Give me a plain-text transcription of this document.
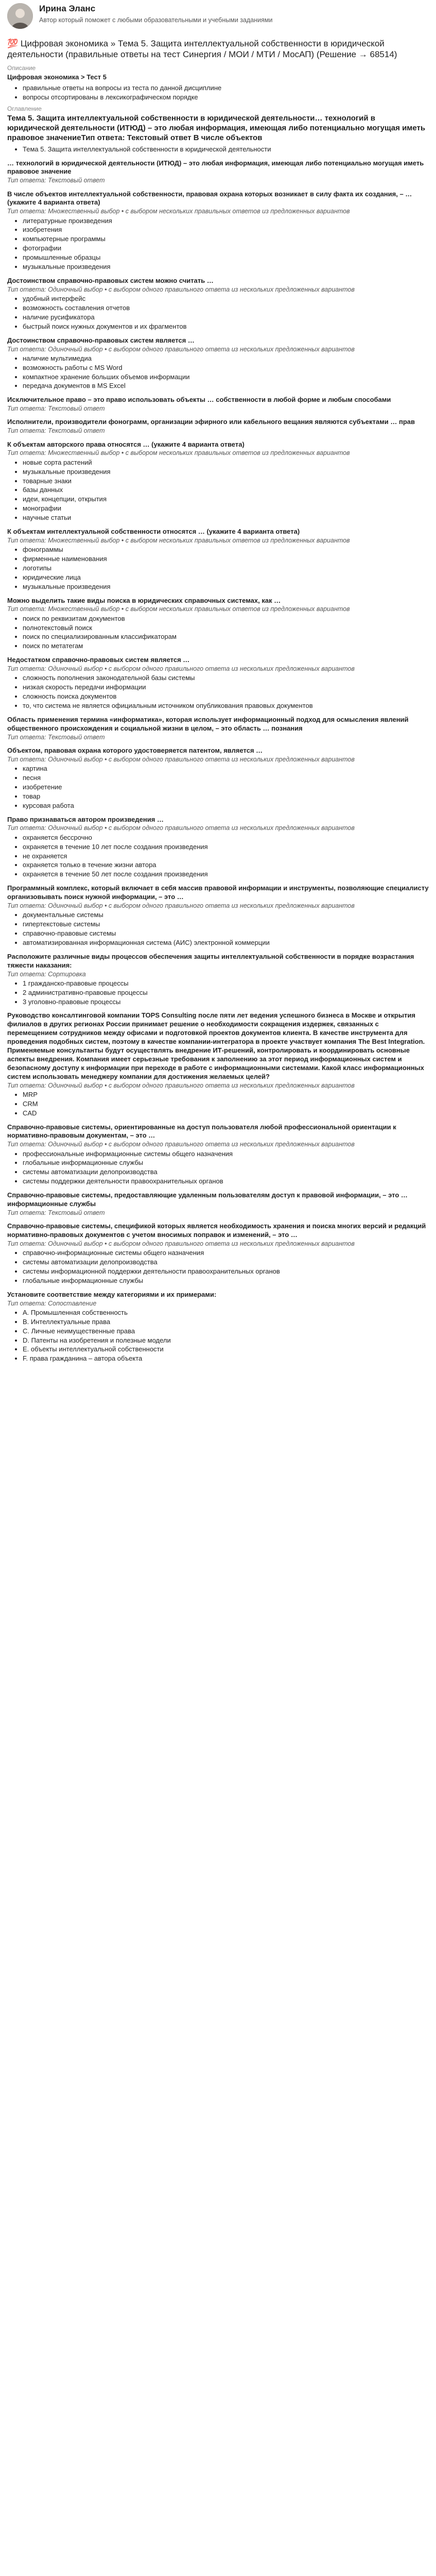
Ирина Эланс
Автор который поможет с любыми образовательными и учебными заданиями
💯 Цифровая экономика » Тема 5. Защита интеллектуальной собственности в юридической деятельности (правильные ответы на тест Синергия / МОИ / МТИ / МосАП) (Решение → 68514)
Описание
Цифровая экономика > Тест 5
• правильные ответы на вопросы из теста по данной дисциплине
• вопросы отсортированы в лексикографическом порядке
Оглавление
Тема 5. Защита интеллектуальной собственности в юридической деятельности… технологий в юридической деятельности (ИТЮД) – это любая информация, имеющая либо потенциально могущая иметь правовое значениеТип ответа: Текстовый ответ В числе объектов
• Тема 5. Защита интеллектуальной собственности в юридической деятельности
… технологий в юридической деятельности (ИТЮД) – это любая информация, имеющая либо потенциально могущая иметь правовое значение
Тип ответа: Текстовый ответ
В числе объектов интеллектуальной собственности, правовая охрана которых возникает в силу факта их создания, – … (укажите 4 варианта ответа)
Тип ответа: Множественный выбор • с выбором нескольких правильных ответов из предложенных вариантов
• литературные произведения
• изобретения
• компьютерные программы
• фотографии
• промышленные образцы
• музыкальные произведения
Достоинством справочно-правовых систем можно считать …
Тип ответа: Одиночный выбор • с выбором одного правильного ответа из нескольких предложенных вариантов
• удобный интерфейс
• возможность составления отчетов
• наличие русификатора
• быстрый поиск нужных документов и их фрагментов
Достоинством справочно-правовых систем является …
Тип ответа: Одиночный выбор • с выбором одного правильного ответа из нескольких предложенных вариантов
• наличие мультимедиа
• возможность работы с MS Word
• компактное хранение больших объемов информации
• передача документов в MS Excel
Исключительное право – это право использовать объекты … собственности в любой форме и любым способами
Тип ответа: Текстовый ответ
Исполнители, производители фонограмм, организации эфирного или кабельного вещания являются субъектами … прав
Тип ответа: Текстовый ответ
К объектам авторского права относятся … (укажите 4 варианта ответа)
Тип ответа: Множественный выбор • с выбором нескольких правильных ответов из предложенных вариантов
• новые сорта растений
• музыкальные произведения
• товарные знаки
• базы данных
• идеи, концепции, открытия
• монографии
• научные статьи
К объектам интеллектуальной собственности относятся … (укажите 4 варианта ответа)
Тип ответа: Множественный выбор • с выбором нескольких правильных ответов из предложенных вариантов
• фонограммы
• фирменные наименования
• логотипы
• юридические лица
• музыкальные произведения
Можно выделить такие виды поиска в юридических справочных системах, как …
Тип ответа: Множественный выбор • с выбором нескольких правильных ответов из предложенных вариантов
• поиск по реквизитам документов
• полнотекстовый поиск
• поиск по специализированным классификаторам
• поиск по метатегам
Недостатком справочно-правовых систем является …
Тип ответа: Одиночный выбор • с выбором одного правильного ответа из нескольких предложенных вариантов
• сложность пополнения законодательной базы системы
• низкая скорость передачи информации
• сложность поиска документов
• то, что система не является официальным источником опубликования правовых документов
Область применения термина «информатика», которая использует информационный подход для осмысления явлений общественного происхождения и социальной жизни в целом, – это область … познания
Тип ответа: Текстовый ответ
Объектом, правовая охрана которого удостоверяется патентом, является …
Тип ответа: Одиночный выбор • с выбором одного правильного ответа из нескольких предложенных вариантов
• картина
• песня
• изобретение
• товар
• курсовая работа
Право признаваться автором произведения …
Тип ответа: Одиночный выбор • с выбором одного правильного ответа из нескольких предложенных вариантов
• охраняется бессрочно
• охраняется в течение 10 лет после создания произведения
• не охраняется
• охраняется только в течение жизни автора
• охраняется в течение 50 лет после создания произведения
Программный комплекс, который включает в себя массив правовой информации и инструменты, позволяющие специалисту организовывать поиск нужной информации, – это …
Тип ответа: Одиночный выбор • с выбором одного правильного ответа из нескольких предложенных вариантов
• документальные системы
• гипертекстовые системы
• справочно-правовые системы
• автоматизированная информационная система (АИС) электронной коммерции
Расположите различные виды процессов обеспечения защиты интеллектуальной собственности в порядке возрастания тяжести наказания:
Тип ответа: Сортировка
• 1 гражданско-правовые процессы
• 2 административно-правовые процессы
• 3 уголовно-правовые процессы
Руководство консалтинговой компании TOPS Consulting после пяти лет ведения успешного бизнеса в Москве и открытия филиалов в других регионах России принимает решение о необходимости сокращения издержек, связанных с перемещением сотрудников между офисами и подготовкой проектов документов клиента. В качестве инструмента для проведения подобных систем, поэтому в качестве компании-интегратора в проекте участвует компания The Best Integration. Применяемые консультанты будут осуществлять внедрение ИТ-решений, контролировать и координировать основные аспекты внедрения. Компания имеет серьезные требования к заполнению за этот период информационных систем и безопасному доступу к информации при переходе в работе с информационными системами. Какой класс информационных систем использовать менеджеру компании для достижения желаемых целей?
Тип ответа: Одиночный выбор • с выбором одного правильного ответа из нескольких предложенных вариантов
• MRP
• CRM
• CAD
Справочно-правовые системы, ориентированные на доступ пользователя любой профессиональной ориентации к нормативно-правовым документам, – это …
Тип ответа: Одиночный выбор • с выбором одного правильного ответа из нескольких предложенных вариантов
• профессиональные информационные системы общего назначения
• глобальные информационные службы
• системы автоматизации делопроизводства
• системы поддержки деятельности правоохранительных органов
Справочно-правовые системы, предоставляющие удаленным пользователям доступ к правовой информации, – это … информационные службы
Тип ответа: Текстовый ответ
Справочно-правовые системы, спецификой которых является необходимость хранения и поиска многих версий и редакций нормативно-правовых документов с учетом вносимых поправок и изменений, – это …
Тип ответа: Одиночный выбор • с выбором одного правильного ответа из нескольких предложенных вариантов
• справочно-информационные системы общего назначения
• системы автоматизации делопроизводства
• системы информационной поддержки деятельности правоохранительных органов
• глобальные информационные службы
Установите соответствие между категориями и их примерами:
Тип ответа: Сопоставление
• A. Промышленная собственность
• B. Интеллектуальные права
• C. Личные неимущественные права
• D. Патенты на изобретения и полезные модели
• E. объекты интеллектуальной собственности
• F. права гражданина – автора объекта
